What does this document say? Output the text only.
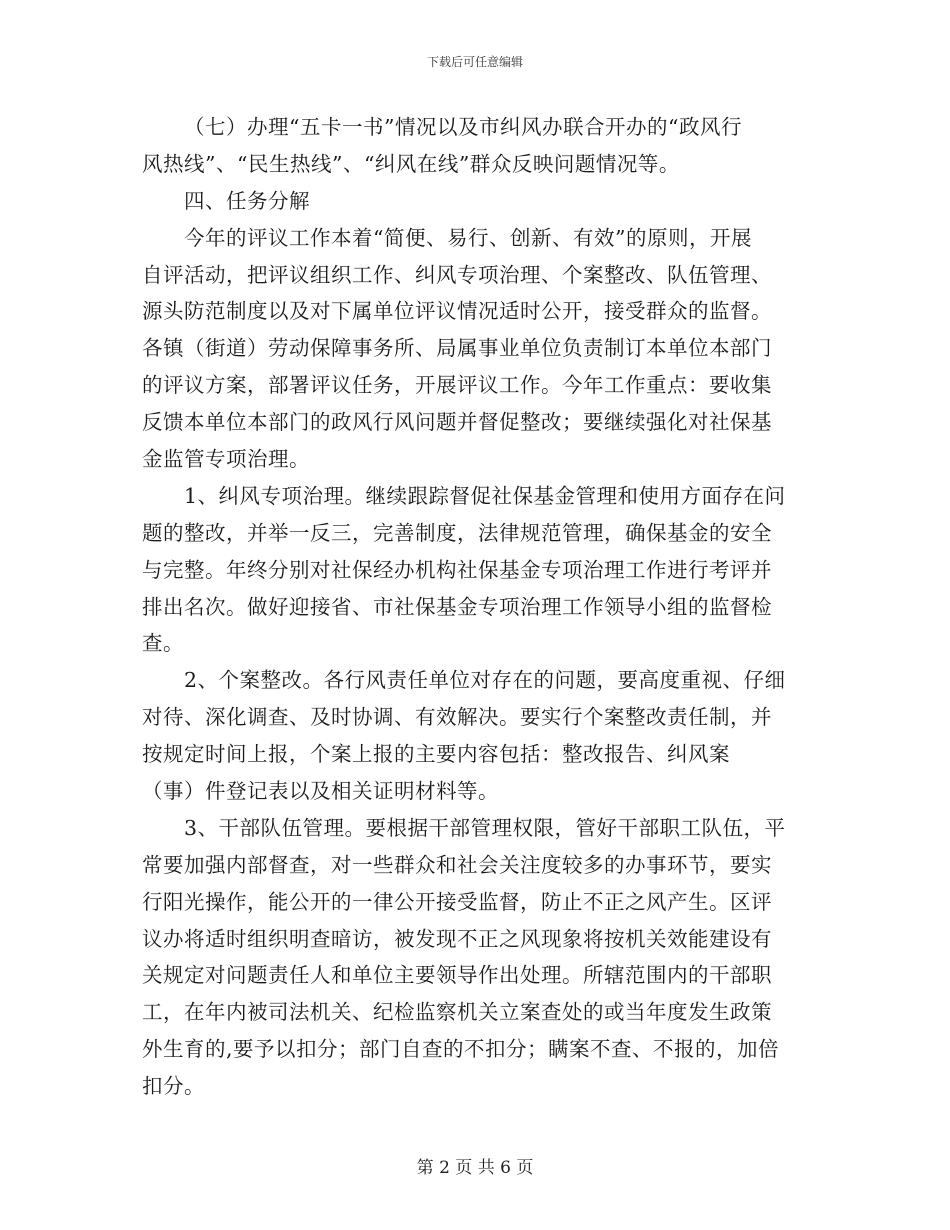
下载后可任意编辑
（七）办理“五卡一书”情况以及市纠风办联合开办的“政风行
风热线”、“民生热线”、“纠风在线”群众反映问题情况等。
四、任务分解
今年的评议工作本着“简便、易行、创新、有效”的原则，开展
自评活动，把评议组织工作、纠风专项治理、个案整改、队伍管理、
源头防范制度以及对下属单位评议情况适时公开，接受群众的监督。
各镇（街道）劳动保障事务所、局属事业单位负责制订本单位本部门
的评议方案，部署评议任务，开展评议工作。今年工作重点：要收集
反馈本单位本部门的政风行风问题并督促整改；要继续强化对社保基
金监管专项治理。
1、纠风专项治理。继续跟踪督促社保基金管理和使用方面存在问
题的整改，并举一反三，完善制度，法律规范管理，确保基金的安全
与完整。年终分别对社保经办机构社保基金专项治理工作进行考评并
排出名次。做好迎接省、市社保基金专项治理工作领导小组的监督检
查。
2、个案整改。各行风责任单位对存在的问题，要高度重视、仔细
对待、深化调查、及时协调、有效解决。要实行个案整改责任制，并
按规定时间上报，个案上报的主要内容包括：整改报告、纠风案
（事）件登记表以及相关证明材料等。
3、干部队伍管理。要根据干部管理权限，管好干部职工队伍，平
常要加强内部督查，对一些群众和社会关注度较多的办事环节，要实
行阳光操作，能公开的一律公开接受监督，防止不正之风产生。区评
议办将适时组织明查暗访，被发现不正之风现象将按机关效能建设有
关规定对问题责任人和单位主要领导作出处理。所辖范围内的干部职
工，在年内被司法机关、纪检监察机关立案查处的或当年度发生政策
外生育的,要予以扣分；部门自查的不扣分；瞒案不查、不报的，加倍
扣分。
第 2 页 共 6 页
